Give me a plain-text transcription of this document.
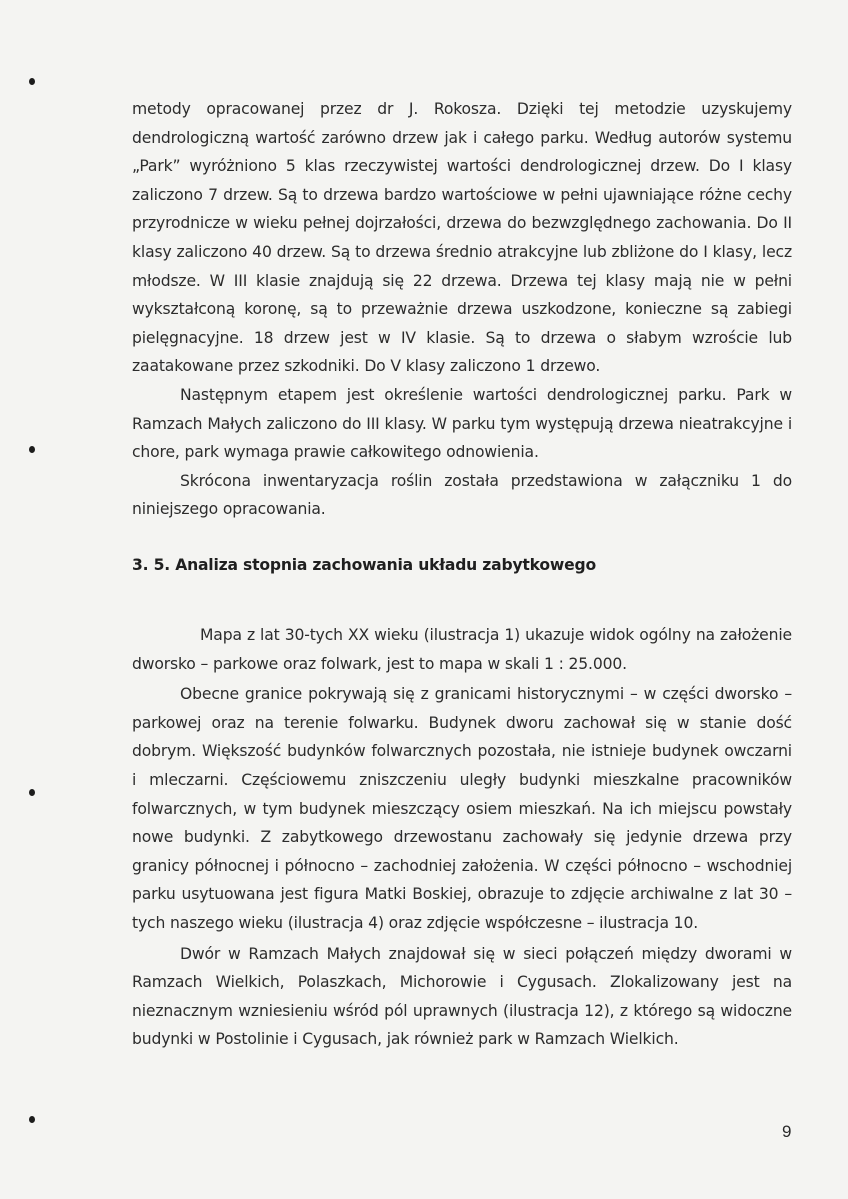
metody opracowanej przez dr J. Rokosza. Dzięki tej metodzie uzyskujemy dendrologiczną wartość zarówno drzew jak i całego parku. Według autorów systemu „Park” wyróżniono 5 klas rzeczywistej wartości dendrologicznej drzew. Do I klasy zaliczono 7 drzew. Są to drzewa bardzo wartościowe w pełni ujawniające różne cechy przyrodnicze w wieku pełnej dojrzałości, drzewa do bezwzględnego zachowania. Do II klasy zaliczono 40 drzew. Są to drzewa średnio atrakcyjne lub zbliżone do I klasy, lecz młodsze. W III klasie znajdują się 22 drzewa. Drzewa tej klasy mają nie w pełni wykształconą koronę, są to przeważnie drzewa uszkodzone, konieczne są zabiegi pielęgnacyjne. 18 drzew jest w IV klasie. Są to drzewa o słabym wzroście lub zaatakowane przez szkodniki. Do V klasy zaliczono 1 drzewo.

Następnym etapem jest określenie wartości dendrologicznej parku. Park w Ramzach Małych zaliczono do III klasy. W parku tym występują drzewa nieatrakcyjne i chore, park wymaga prawie całkowitego odnowienia.

Skrócona inwentaryzacja roślin została przedstawiona w załączniku 1 do niniejszego opracowania.

3. 5. Analiza stopnia zachowania układu zabytkowego

Mapa z lat 30-tych XX wieku (ilustracja 1) ukazuje widok ogólny na założenie dworsko – parkowe oraz folwark, jest to mapa w skali 1 : 25.000.

Obecne granice pokrywają się z granicami historycznymi – w części dworsko – parkowej oraz na terenie folwarku. Budynek dworu zachował się w stanie dość dobrym. Większość budynków folwarcznych pozostała, nie istnieje budynek owczarni i mleczarni. Częściowemu zniszczeniu uległy budynki mieszkalne pracowników folwarcznych, w tym budynek mieszczący osiem mieszkań. Na ich miejscu powstały nowe budynki. Z zabytkowego drzewostanu zachowały się jedynie drzewa przy granicy północnej i północno – zachodniej założenia. W części północno – wschodniej parku usytuowana jest figura Matki Boskiej, obrazuje to zdjęcie archiwalne z lat 30 – tych naszego wieku (ilustracja 4) oraz zdjęcie współczesne – ilustracja 10.

Dwór w Ramzach Małych znajdował się w sieci połączeń między dworami w Ramzach Wielkich, Polaszkach, Michorowie i Cygusach. Zlokalizowany jest na nieznacznym wzniesieniu wśród pól uprawnych (ilustracja 12), z którego są widoczne budynki w Postolinie i Cygusach, jak również park w Ramzach Wielkich.

9
